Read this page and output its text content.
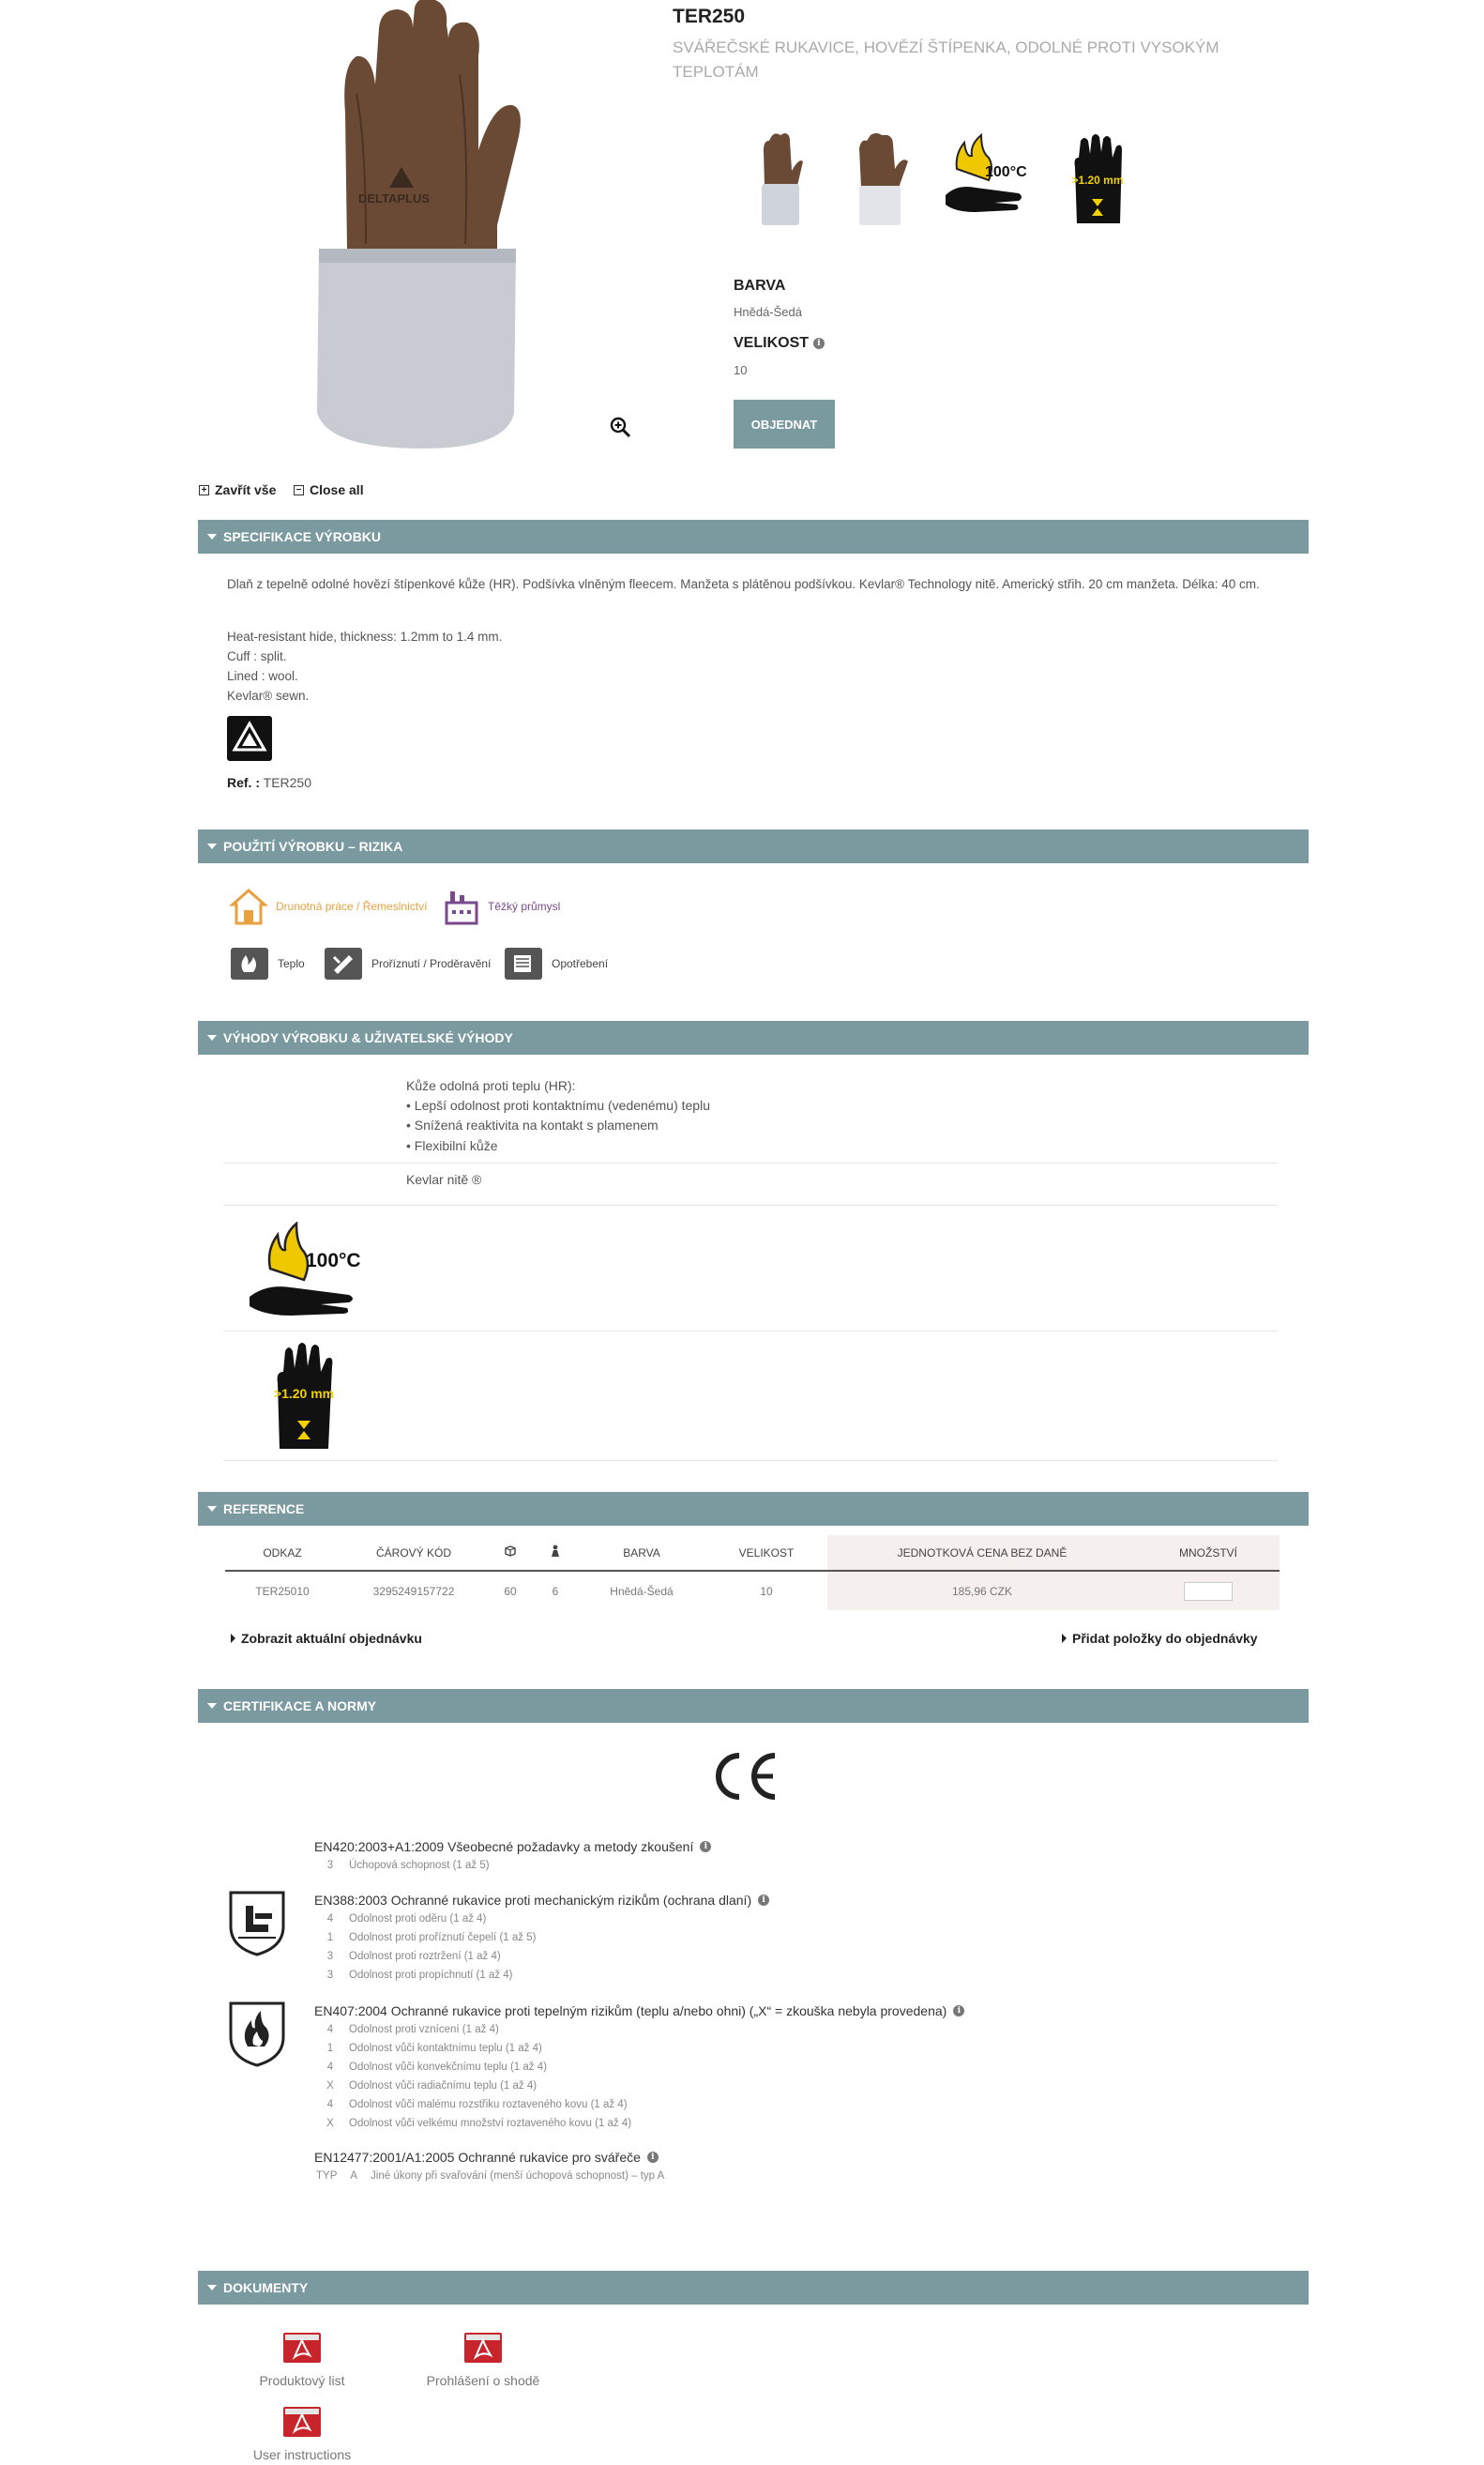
DELTAPLUS
TER250
SVÁŘEČSKÉ RUKAVICE, HOVĚZÍ ŠTÍPENKA, ODOLNÉ PROTI VYSOKÝM TEPLOTÁM
100°C	>1.20 mm
BARVA
Hnědá-Šedá
VELIKOST	i
10
OBJEDNAT
+ Zavřít vše − Close all
SPECIFIKACE VÝROBKU
Dlaň z tepelně odolné hovězí štípenkové kůže (HR). Podšívka vlněným fleecem. Manžeta s plátěnou podšívkou. Kevlar® Technology nitě. Americký střih. 20 cm manžeta. Délka: 40 cm.
Heat-resistant hide, thickness: 1.2mm to 1.4 mm.
Cuff : split.
Lined : wool.
Kevlar® sewn.
Ref. : TER250
POUŽITÍ VÝROBKU – RIZIKA
Drunotná práce / Řemeslnictví	Těžký průmysl
Teplo	Proříznutí / Proděravění	Opotřebení
VÝHODY VÝROBKU & UŽIVATELSKÉ VÝHODY
Kůže odolná proti teplu (HR):
• Lepší odolnost proti kontaktnímu (vedenému) teplu
• Snížená reaktivita na kontakt s plamenem
• Flexibilní kůže
Kevlar nitě ®
100°C
>1.20 mm
REFERENCE
ODKAZ	ČÁROVÝ KÓD			BARVA	VELIKOST	JEDNOTKOVÁ CENA BEZ DANĚ	MNOŽSTVÍ
TER25010	3295249157722	60	6	Hnědá-Šedá	10	185,96 CZK	
Zobrazit aktuální objednávku	Přidat položky do objednávky
CERTIFIKACE A NORMY
EN420:2003+A1:2009 Všeobecné požadavky a metody zkoušení	i
3 Úchopová schopnost (1 až 5)
EN388:2003 Ochranné rukavice proti mechanickým rizikům (ochrana dlaní)	i
4 Odolnost proti oděru (1 až 4)
1 Odolnost proti proříznutí čepelí (1 až 5)
3 Odolnost proti roztržení (1 až 4)
3 Odolnost proti propíchnutí (1 až 4)
EN407:2004 Ochranné rukavice proti tepelným rizikům (teplu a/nebo ohni) („X“ = zkouška nebyla provedena)	i
4 Odolnost proti vznícení (1 až 4)
1 Odolnost vůči kontaktnímu teplu (1 až 4)
4 Odolnost vůči konvekčnímu teplu (1 až 4)
X Odolnost vůči radiačnímu teplu (1 až 4)
4 Odolnost vůči malému rozstřiku roztaveného kovu (1 až 4)
X Odolnost vůči velkému množství roztaveného kovu (1 až 4)
EN12477:2001/A1:2005 Ochranné rukavice pro svářeče	i
TYP A Jiné úkony při svařování (menší úchopová schopnost) – typ A
DOKUMENTY
Produktový list	Prohlášení o shodě
User instructions
